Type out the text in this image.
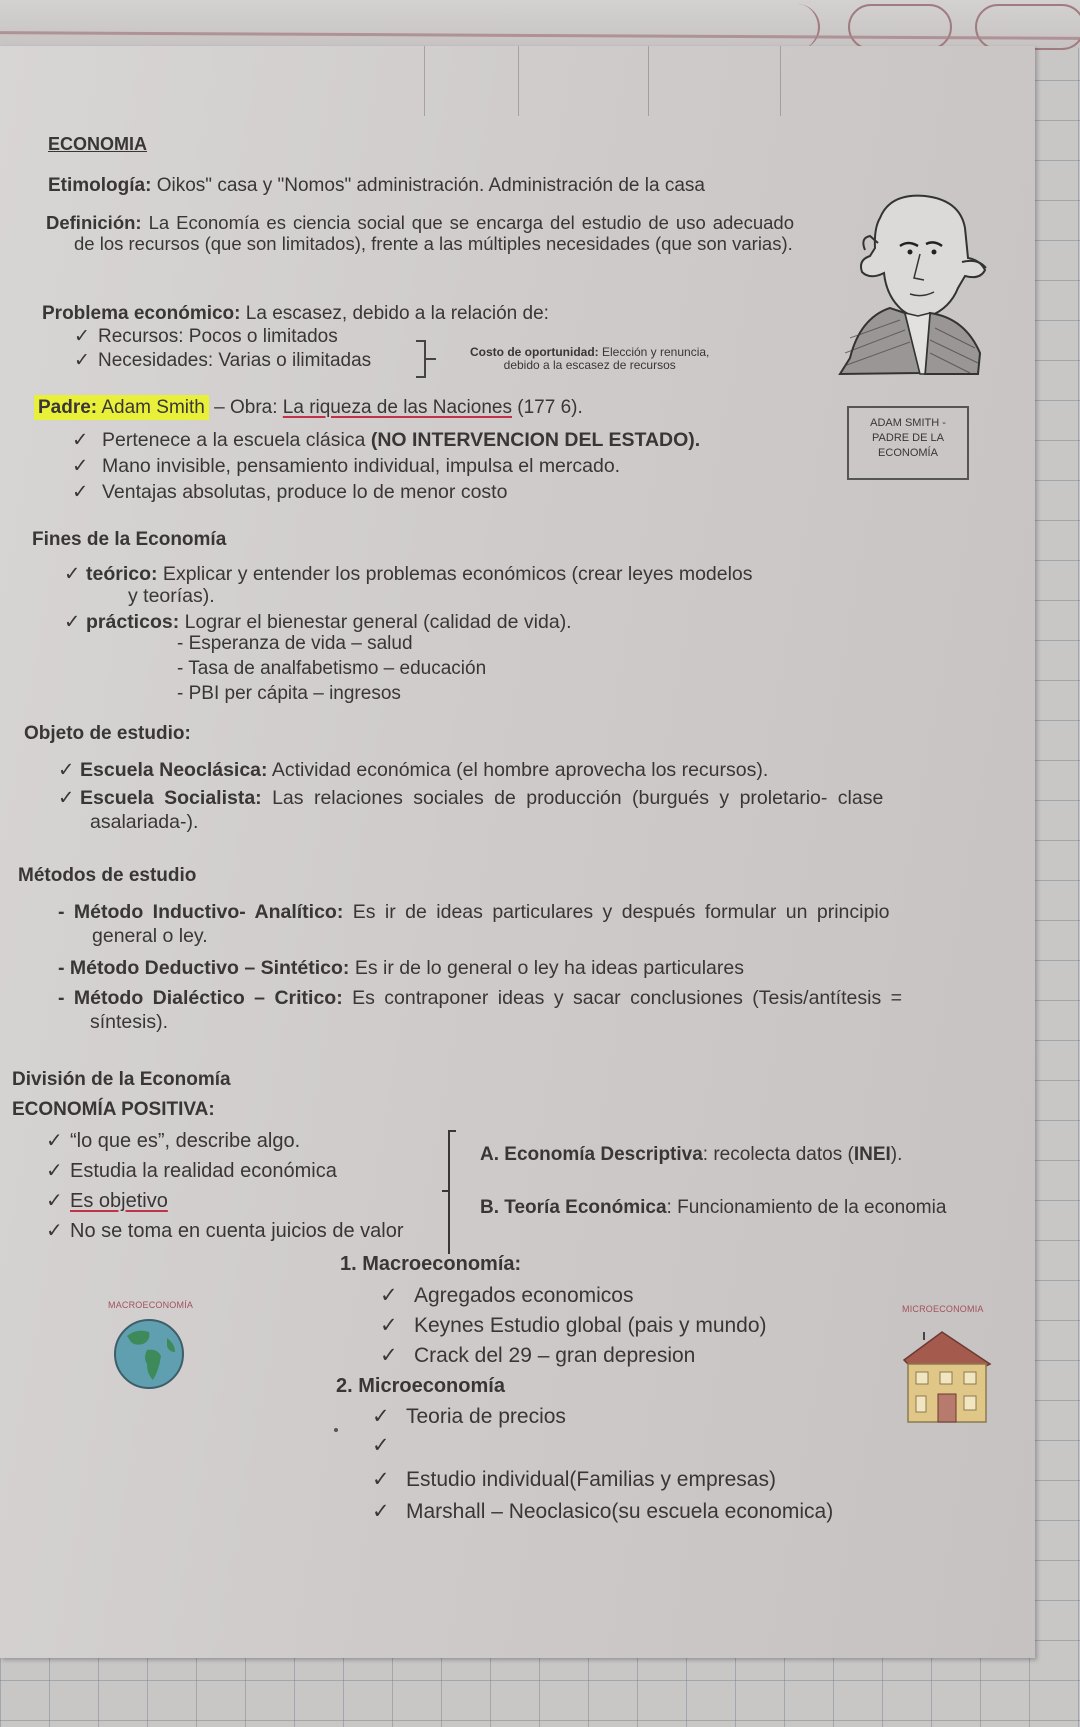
ECONOMIA
Etimología: Oikos" casa y "Nomos" administración. Administración de la casa
Definición: La Economía es ciencia social que se encarga del estudio de uso adecuado de los recursos (que son limitados), frente a las múltiples necesidades (que son varias).
Problema económico: La escasez, debido a la relación de:
✓ Recursos: Pocos o limitados
✓ Necesidades: Varias o ilimitadas	Costo de oportunidad: Elección y renuncia,
debido a la escasez de recursos
ADAM SMITH -
PADRE DE LA
ECONOMÍA
Padre: Adam Smith – Obra: La riqueza de las Naciones (177 6).
✓ Pertenece a la escuela clásica (NO INTERVENCION DEL ESTADO).
✓ Mano invisible, pensamiento individual, impulsa el mercado.
✓ Ventajas absolutas, produce lo de menor costo
Fines de la Economía
✓ teórico: Explicar y entender los problemas económicos (crear leyes modelos
y teorías).
✓ prácticos: Lograr el bienestar general (calidad de vida).
- Esperanza de vida – salud
- Tasa de analfabetismo – educación
- PBI per cápita – ingresos
Objeto de estudio:
✓ Escuela Neoclásica: Actividad económica (el hombre aprovecha los recursos).
✓ Escuela Socialista: Las relaciones sociales de producción (burgués y proletario- clase
asalariada-).
Métodos de estudio
- Método Inductivo- Analítico: Es ir de ideas particulares y después formular un principio
general o ley.
- Método Deductivo – Sintético: Es ir de lo general o ley ha ideas particulares
- Método Dialéctico – Critico: Es contraponer ideas y sacar conclusiones (Tesis/antítesis =
síntesis).
División de la Economía
ECONOMÍA POSITIVA:
✓ “lo que es”, describe algo.
✓ Estudia la realidad económica
✓ Es objetivo
✓ No se toma en cuenta juicios de valor
A. Economía Descriptiva: recolecta datos (INEI).
B. Teoría Económica: Funcionamiento de la economia
1. Macroeconomía:
✓ Agregados economicos
✓ Keynes Estudio global (pais y mundo)
✓ Crack del 29 – gran depresion
2. Microeconomía
✓ Teoria de precios
✓
✓ Estudio individual(Familias y empresas)
✓ Marshall – Neoclasico(su escuela economica)
MACROECONOMÍA	MICROECONOMIA
